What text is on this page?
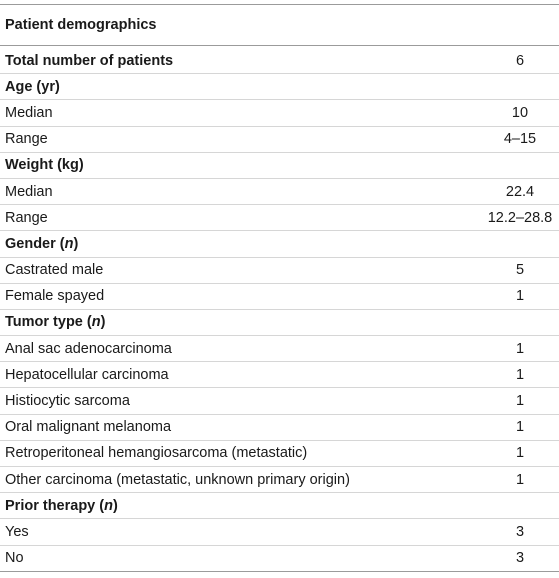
Patient demographics
Total number of patients	6
Age (yr)
Median	10
Range	4–15
Weight (kg)
Median	22.4
Range	12.2–28.8
Gender (n)
Castrated male	5
Female spayed	1
Tumor type (n)
Anal sac adenocarcinoma	1
Hepatocellular carcinoma	1
Histiocytic sarcoma	1
Oral malignant melanoma	1
Retroperitoneal hemangiosarcoma (metastatic)	1
Other carcinoma (metastatic, unknown primary origin)	1
Prior therapy (n)
Yes	3
No	3
